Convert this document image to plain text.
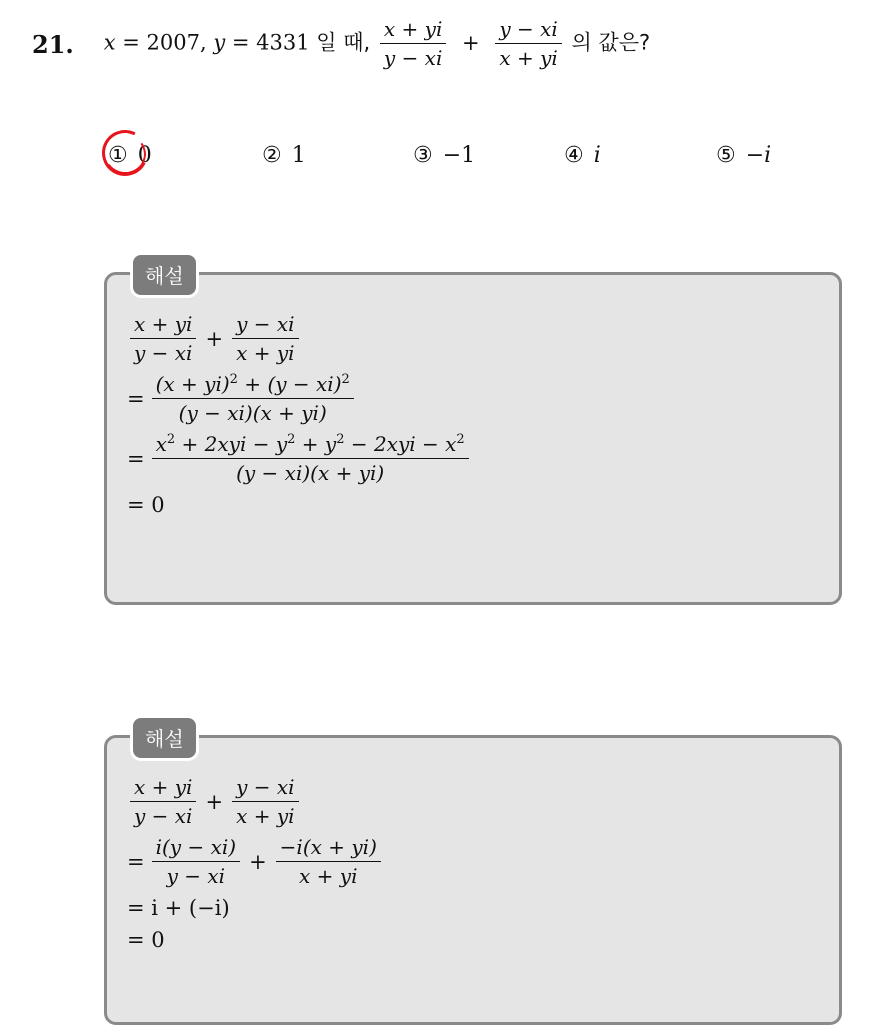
21. x = 2007, y = 4331 일 때, $\frac{x + yi}{y - xi} + \frac{y - xi}{x + yi}$ 의 값은?
① 0	② 1	③ −1	④ i	⑤ −i
해설
$\frac{x + yi}{y - xi} + \frac{y - xi}{x + yi}$
= $\frac{(x + yi)^2 + (y - xi)^2}{(y - xi)(x + yi)}$
= $\frac{x^2 + 2xyi - y^2 + y^2 - 2xyi - x^2}{(y - xi)(x + yi)}$
= 0
해설
$\frac{x + yi}{y - xi} + \frac{y - xi}{x + yi}$
= $\frac{i(y - xi)}{y - xi} + \frac{-i(x + yi)}{x + yi}$
= i + (−i)
= 0
